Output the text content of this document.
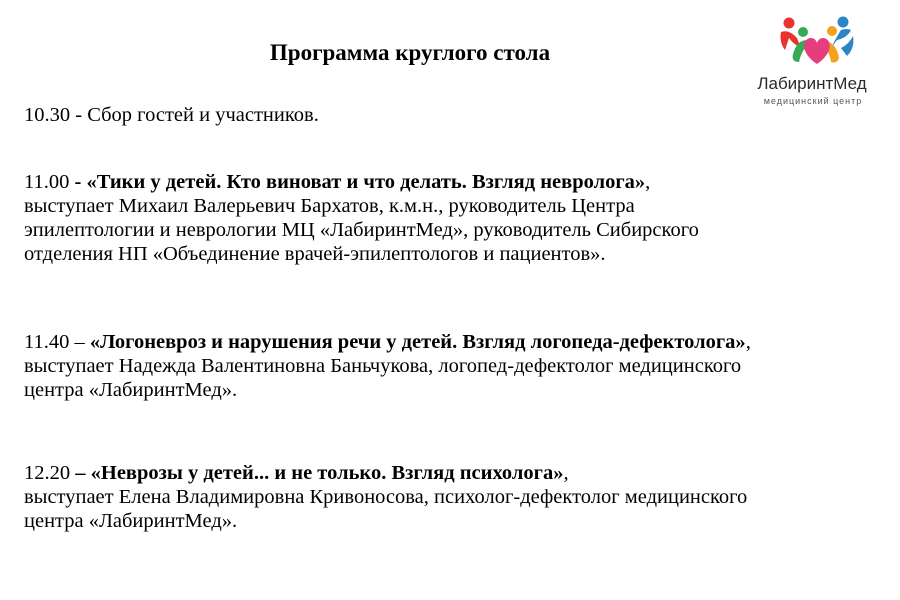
Программа круглого стола
ЛабиринтМед
медицинский центр
10.30 - Сбор гостей и участников.
11.00 - «Тики у детей. Кто виноват и что делать. Взгляд невролога»,
выступает Михаил Валерьевич Бархатов, к.м.н., руководитель Центра
эпилептологии и неврологии МЦ «ЛабиринтМед», руководитель Сибирского
отделения НП «Объединение врачей-эпилептологов и пациентов».
11.40 – «Логоневроз и нарушения речи у детей. Взгляд логопеда-дефектолога»,
выступает Надежда Валентиновна Баньчукова, логопед-дефектолог медицинского
центра «ЛабиринтМед».
12.20 – «Неврозы у детей... и не только. Взгляд психолога»,
выступает Елена Владимировна Кривоносова, психолог-дефектолог медицинского
центра «ЛабиринтМед».
